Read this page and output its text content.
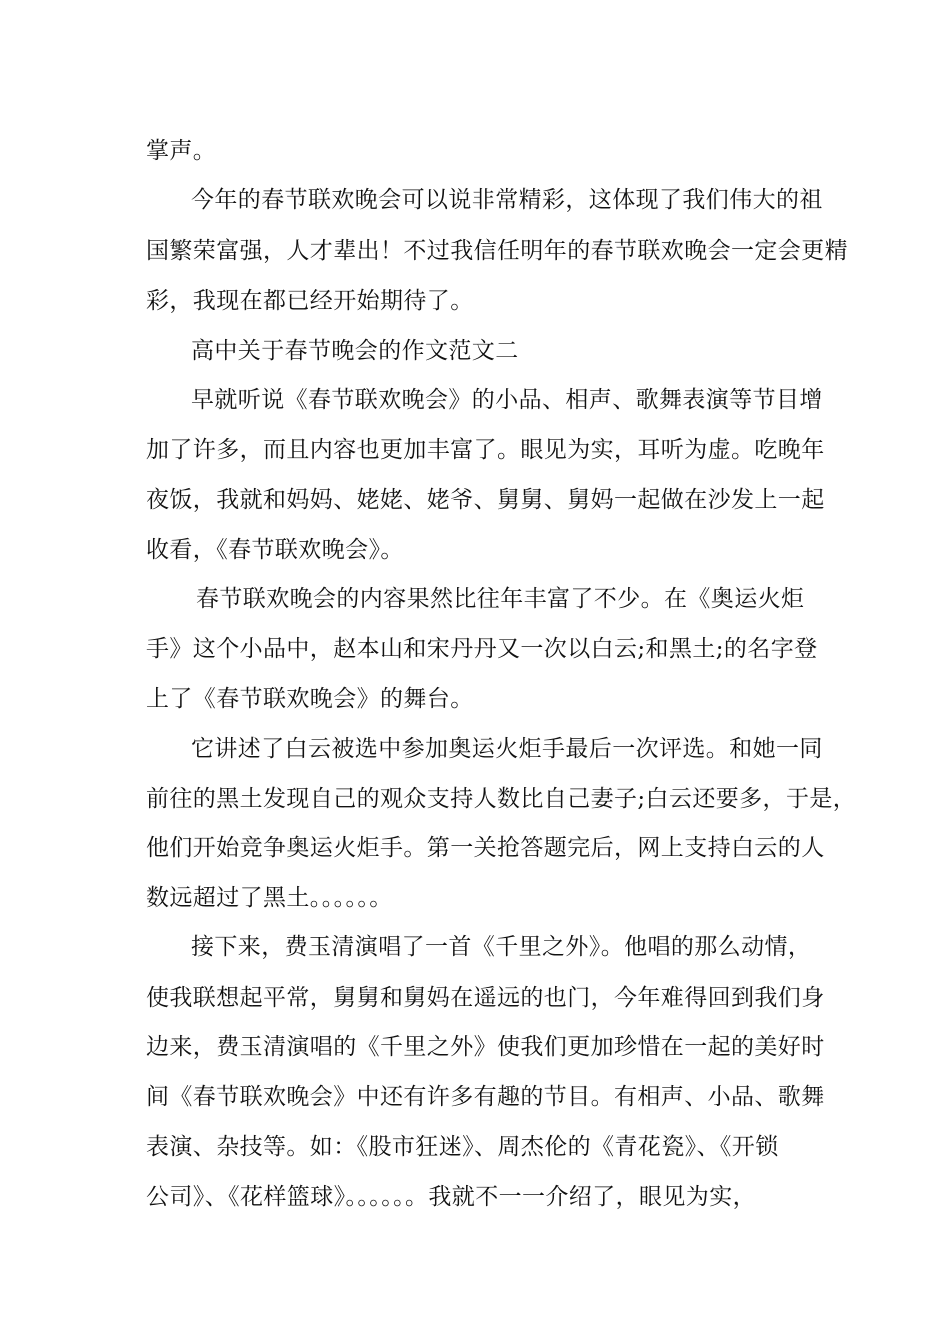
掌声。

今年的春节联欢晚会可以说非常精彩，这体现了我们伟大的祖

国繁荣富强，人才辈出！不过我信任明年的春节联欢晚会一定会更精

彩，我现在都已经开始期待了。

高中关于春节晚会的作文范文二

早就听说《春节联欢晚会》的小品、相声、歌舞表演等节目增

加了许多，而且内容也更加丰富了。眼见为实，耳听为虚。吃晚年

夜饭，我就和妈妈、姥姥、姥爷、舅舅、舅妈一起做在沙发上一起

收看，《春节联欢晚会》。

春节联欢晚会的内容果然比往年丰富了不少。在《奥运火炬

手》这个小品中，赵本山和宋丹丹又一次以白云;和黑土;的名字登

上了《春节联欢晚会》的舞台。

它讲述了白云被选中参加奥运火炬手最后一次评选。和她一同

前往的黑土发现自己的观众支持人数比自己妻子;白云还要多，于是，

他们开始竞争奥运火炬手。第一关抢答题完后，网上支持白云的人

数远超过了黑土。。。。。。

接下来，费玉清演唱了一首《千里之外》。他唱的那么动情，

使我联想起平常，舅舅和舅妈在遥远的也门，今年难得回到我们身

边来，费玉清演唱的《千里之外》使我们更加珍惜在一起的美好时

间《春节联欢晚会》中还有许多有趣的节目。有相声、小品、歌舞

表演、杂技等。如：《股市狂迷》、周杰伦的《青花瓷》、《开锁

公司》、《花样篮球》。。。。。。我就不一一介绍了，眼见为实，
